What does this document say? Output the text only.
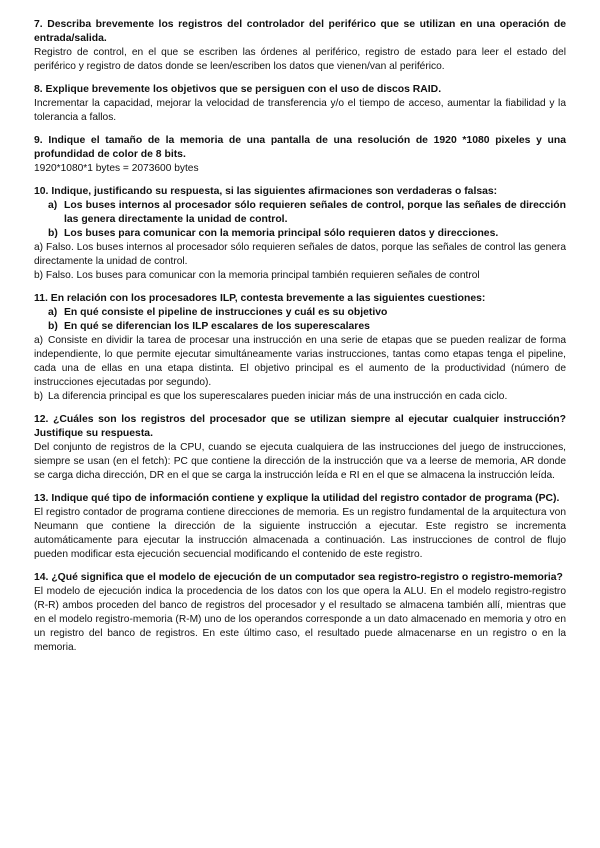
7. Describa brevemente los registros del controlador del periférico que se utilizan en una operación de entrada/salida.

Registro de control, en el que se escriben las órdenes al periférico, registro de estado para leer el estado del periférico y registro de datos donde se leen/escriben los datos que vienen/van al periférico.

8. Explique brevemente los objetivos que se persiguen con el uso de discos RAID.

Incrementar la capacidad, mejorar la velocidad de transferencia y/o el tiempo de acceso, aumentar la fiabilidad y la tolerancia a fallos.

9. Indique el tamaño de la memoria de una pantalla de una resolución de 1920 *1080 pixeles y una profundidad de color de 8 bits.

1920*1080*1 bytes = 2073600 bytes

10. Indique, justificando su respuesta, si las siguientes afirmaciones son verdaderas o falsas:

a) Los buses internos al procesador sólo requieren señales de control, porque las señales de dirección las genera directamente la unidad de control.

b) Los buses para comunicar con la memoria principal sólo requieren datos y direcciones.

a) Falso. Los buses internos al procesador sólo requieren señales de datos, porque las señales de control las genera directamente la unidad de control.

b) Falso. Los buses para comunicar con la memoria principal también requieren señales de control

11. En relación con los procesadores ILP, contesta brevemente a las siguientes cuestiones:

a) En qué consiste el pipeline de instrucciones y cuál es su objetivo

b) En qué se diferencian los ILP escalares de los superescalares

a) Consiste en dividir la tarea de procesar una instrucción en una serie de etapas que se pueden realizar de forma independiente, lo que permite ejecutar simultáneamente varias instrucciones, tantas como etapas tenga el pipeline, cada una de ellas en una etapa distinta. El objetivo principal es el aumento de la productividad (número de instrucciones ejecutadas por segundo).

b) La diferencia principal es que los superescalares pueden iniciar más de una instrucción en cada ciclo.

12. ¿Cuáles son los registros del procesador que se utilizan siempre al ejecutar cualquier instrucción? Justifique su respuesta.

Del conjunto de registros de la CPU, cuando se ejecuta cualquiera de las instrucciones del juego de instrucciones, siempre se usan (en el fetch): PC que contiene la dirección de la instrucción que va a leerse de memoria, AR donde se carga dicha dirección, DR en el que se carga la instrucción leída e RI en el que se almacena la instrucción leída.

13. Indique qué tipo de información contiene y explique la utilidad del registro contador de programa (PC).

El registro contador de programa contiene direcciones de memoria. Es un registro fundamental de la arquitectura von Neumann que contiene la dirección de la siguiente instrucción a ejecutar. Este registro se incrementa automáticamente para ejecutar la instrucción almacenada a continuación. Las instrucciones de control de flujo pueden modificar esta ejecución secuencial modificando el contenido de este registro.

14. ¿Qué significa que el modelo de ejecución de un computador sea registro-registro o registro-memoria?

El modelo de ejecución indica la procedencia de los datos con los que opera la ALU. En el modelo registro-registro (R-R) ambos proceden del banco de registros del procesador y el resultado se almacena también allí, mientras que en el modelo registro-memoria (R-M) uno de los operandos corresponde a un dato almacenado en memoria y otro en un registro del banco de registros. En este último caso, el resultado puede almacenarse en un registro o en la memoria.
